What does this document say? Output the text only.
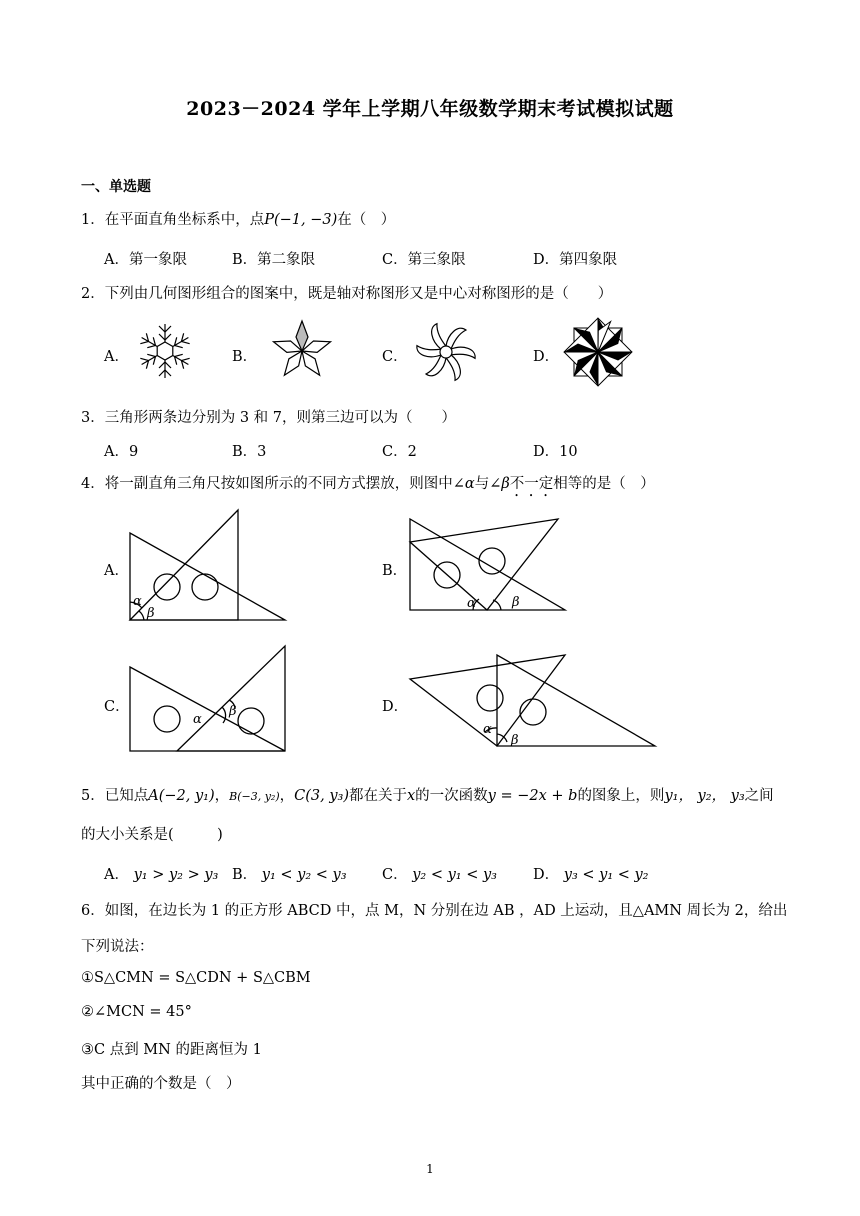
2023－2024 学年上学期八年级数学期末考试模拟试题
一、单选题
1．在平面直角坐标系中，点P(−1, −3)在（　）
A．第一象限	B．第二象限	C．第三象限	D．第四象限
2．下列由几何图形组合的图案中，既是轴对称图形又是中心对称图形的是（　　）
A．	B．	C．	D．
3．三角形两条边分别为 3 和 7，则第三边可以为（　　）
A．9	B．3	C．2	D．10
4．将一副直角三角尺按如图所示的不同方式摆放，则图中∠α与∠β不一定相等的是（　）
A．	B．
C．	D．
α
β
α	β
α
β
α
β
5．已知点A(−2, y₁)，B(−3, y₂)，C(3, y₃)都在关于x的一次函数y = −2x + b的图象上，则y₁， y₂， y₃之间
的大小关系是(　　　)
A． y₁ > y₂ > y₃ B． y₁ < y₂ < y₃ C． y₂ < y₁ < y₃ D． y₃ < y₁ < y₂
6．如图，在边长为 1 的正方形 ABCD 中，点 M，N 分别在边 AB ，AD 上运动，且△AMN 周长为 2，给出
下列说法：
①S△CMN = S△CDN + S△CBM
②∠MCN = 45°
③C 点到 MN 的距离恒为 1
其中正确的个数是（　）
1
